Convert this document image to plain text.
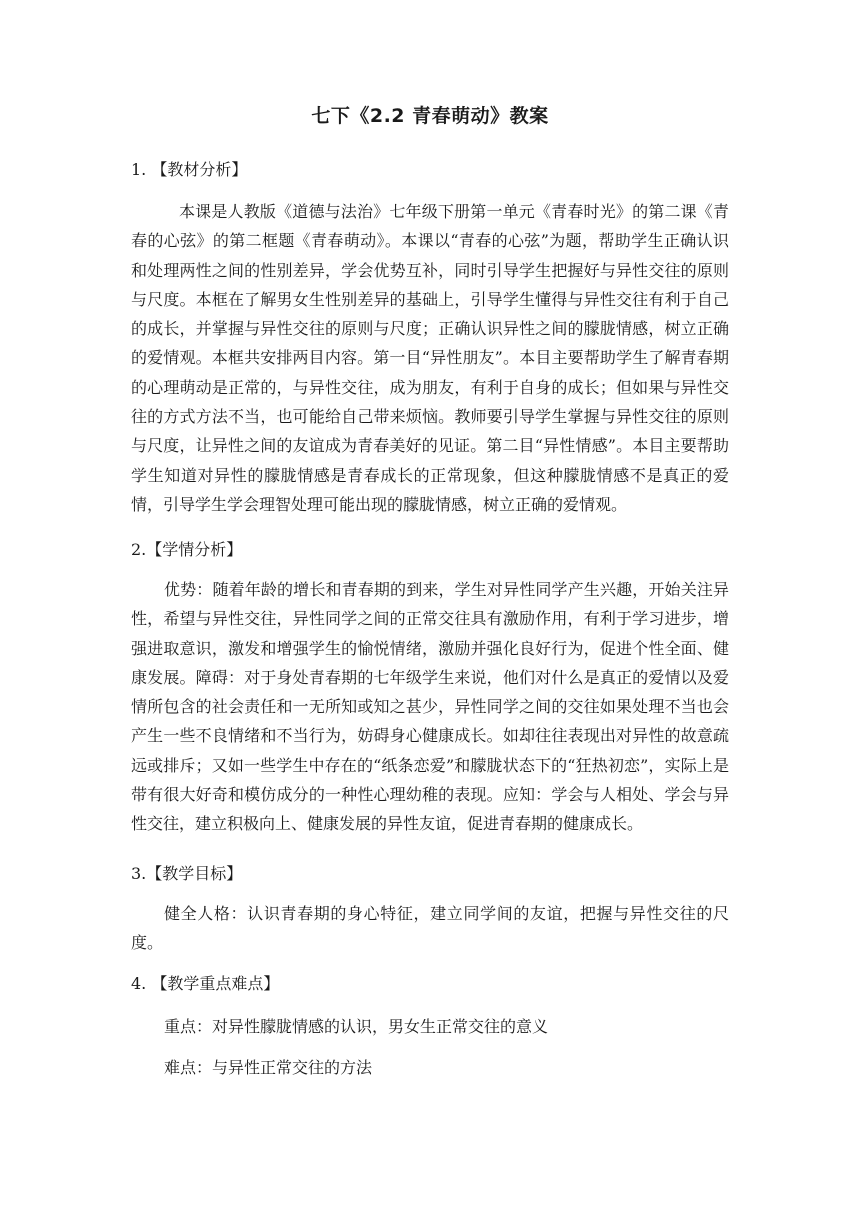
七下《2.2 青春萌动》教案
1. 【教材分析】

本课是人教版《道德与法治》七年级下册第一单元《青春时光》的第二课《青春的心弦》的第二框题《青春萌动》。本课以“青春的心弦”为题，帮助学生正确认识和处理两性之间的性别差异，学会优势互补，同时引导学生把握好与异性交往的原则与尺度。本框在了解男女生性别差异的基础上，引导学生懂得与异性交往有利于自己的成长，并掌握与异性交往的原则与尺度；正确认识异性之间的朦胧情感，树立正确的爱情观。本框共安排两目内容。第一目“异性朋友”。本目主要帮助学生了解青春期的心理萌动是正常的，与异性交往，成为朋友，有利于自身的成长；但如果与异性交往的方式方法不当，也可能给自己带来烦恼。教师要引导学生掌握与异性交往的原则与尺度，让异性之间的友谊成为青春美好的见证。第二目“异性情感”。本目主要帮助学生知道对异性的朦胧情感是青春成长的正常现象，但这种朦胧情感不是真正的爱情，引导学生学会理智处理可能出现的朦胧情感，树立正确的爱情观。

2.【学情分析】

优势：随着年龄的增长和青春期的到来，学生对异性同学产生兴趣，开始关注异性，希望与异性交往，异性同学之间的正常交往具有激励作用，有利于学习进步，增强进取意识，激发和增强学生的愉悦情绪，激励并强化良好行为，促进个性全面、健康发展。障碍：对于身处青春期的七年级学生来说，他们对什么是真正的爱情以及爱情所包含的社会责任和一无所知或知之甚少，异性同学之间的交往如果处理不当也会产生一些不良情绪和不当行为，妨碍身心健康成长。如却往往表现出对异性的故意疏远或排斥；又如一些学生中存在的“纸条恋爱”和朦胧状态下的“狂热初恋”，实际上是带有很大好奇和模仿成分的一种性心理幼稚的表现。应知：学会与人相处、学会与异性交往，建立积极向上、健康发展的异性友谊，促进青春期的健康成长。

3.【教学目标】

健全人格：认识青春期的身心特征，建立同学间的友谊，把握与异性交往的尺度。

4. 【教学重点难点】
重点：对异性朦胧情感的认识，男女生正常交往的意义
难点：与异性正常交往的方法
